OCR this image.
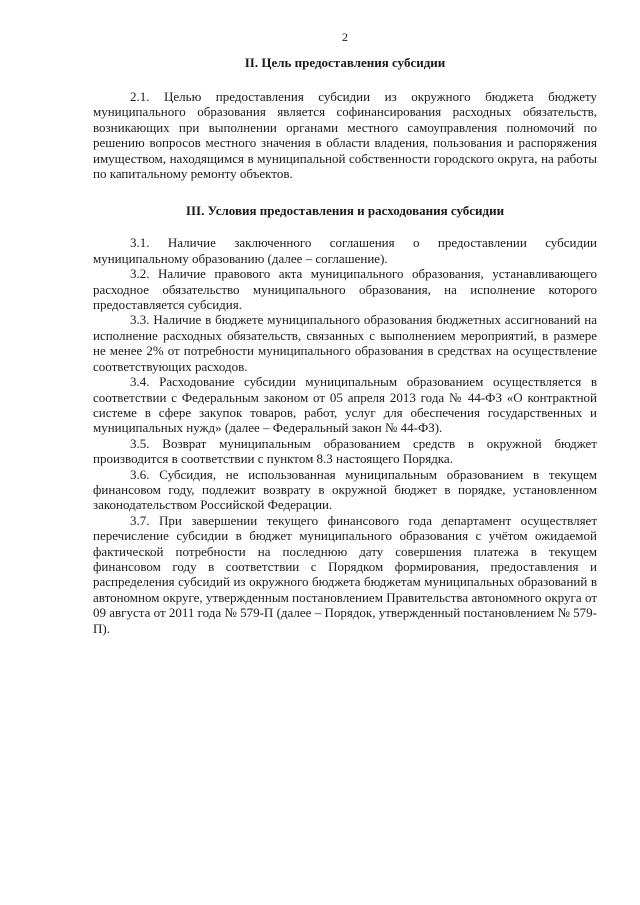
2
II. Цель предоставления субсидии

2.1. Целью предоставления субсидии из окружного бюджета бюджету муниципального образования является софинансирования расходных обязательств, возникающих при выполнении органами местного самоуправления полномочий по решению вопросов местного значения в области владения, пользования и распоряжения имуществом, находящимся в муниципальной собственности городского округа, на работы по капитальному ремонту объектов.

III. Условия предоставления и расходования субсидии

3.1. Наличие заключенного соглашения о предоставлении субсидии муниципальному образованию (далее – соглашение).

3.2. Наличие правового акта муниципального образования, устанавливающего расходное обязательство муниципального образования, на исполнение которого предоставляется субсидия.

3.3. Наличие в бюджете муниципального образования бюджетных ассигнований на исполнение расходных обязательств, связанных с выполнением мероприятий, в размере не менее 2% от потребности муниципального образования в средствах на осуществление соответствующих расходов.

3.4. Расходование субсидии муниципальным образованием осуществляется в соответствии с Федеральным законом от 05 апреля 2013 года № 44-ФЗ «О контрактной системе в сфере закупок товаров, работ, услуг для обеспечения государственных и муниципальных нужд» (далее – Федеральный закон № 44-ФЗ).

3.5. Возврат муниципальным образованием средств в окружной бюджет производится в соответствии с пунктом 8.3 настоящего Порядка.

3.6. Субсидия, не использованная муниципальным образованием в текущем финансовом году, подлежит возврату в окружной бюджет в порядке, установленном законодательством Российской Федерации.

3.7. При завершении текущего финансового года департамент осуществляет перечисление субсидии в бюджет муниципального образования с учётом ожидаемой фактической потребности на последнюю дату совершения платежа в текущем финансовом году в соответствии с Порядком формирования, предоставления и распределения субсидий из окружного бюджета бюджетам муниципальных образований в автономном округе, утвержденным постановлением Правительства автономного округа от 09 августа от 2011 года № 579-П (далее – Порядок, утвержденный постановлением № 579-П).
